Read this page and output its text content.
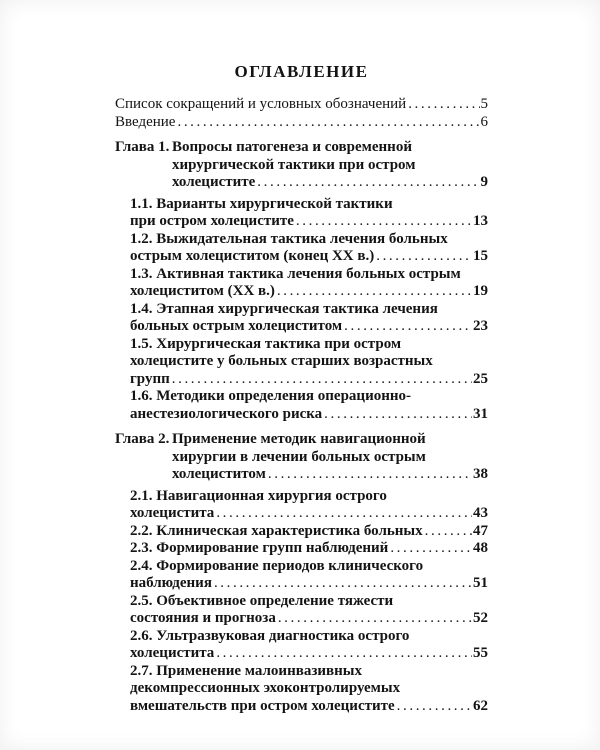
ОГЛАВЛЕНИЕ
Список сокращений и условных обозначений .....	5
Введение .....	6
Глава 1. Вопросы патогенеза и современной
хирургической тактики при остром
холецистите .....	9
1.1. Варианты хирургической тактики
при остром холецистите .....	13
1.2. Выжидательная тактика лечения больных
острым холециститом (конец XX в.) .....	15
1.3. Активная тактика лечения больных острым
холециститом (XX в.) .....	19
1.4. Этапная хирургическая тактика лечения
больных острым холециститом .....	23
1.5. Хирургическая тактика при остром
холецистите у больных старших возрастных
групп .....	25
1.6. Методики определения операционно-
анестезиологического риска .....	31
Глава 2. Применение методик навигационной
хирургии в лечении больных острым
холециститом .....	38
2.1. Навигационная хирургия острого
холецистита .....	43
2.2. Клиническая характеристика больных .....	47
2.3. Формирование групп наблюдений .....	48
2.4. Формирование периодов клинического
наблюдения .....	51
2.5. Объективное определение тяжести
состояния и прогноза .....	52
2.6. Ультразвуковая диагностика острого
холецистита .....	55
2.7. Применение малоинвазивных
декомпрессионных эхоконтролируемых
вмешательств при остром холецистите .....	62
